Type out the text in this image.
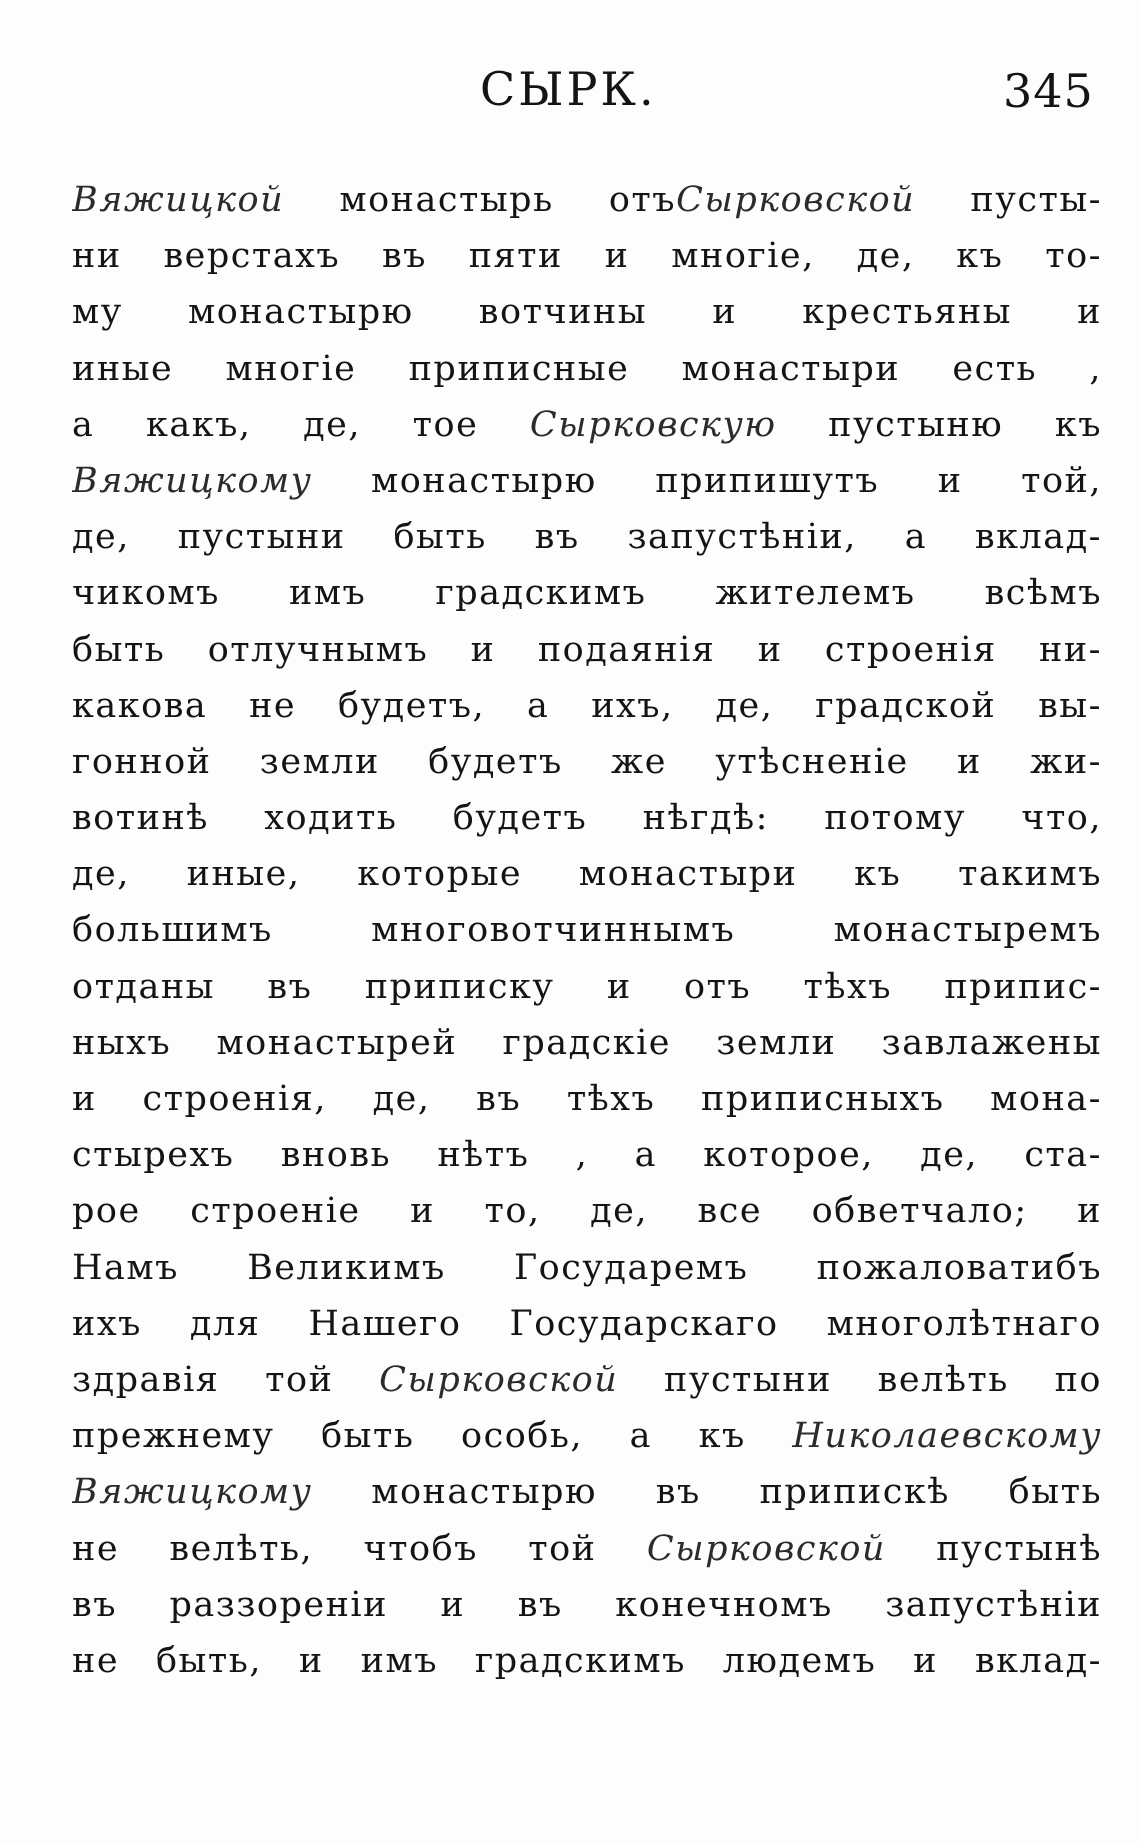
СЫРК.	345
Вяжицкой монастырь отъСырковской пусты-
ни верстахъ въ пяти и многіе, де, къ то-
му монастырю вотчины и крестьяны и
иные многіе приписные монастыри есть ,
а какъ, де, тое Сырковскую пустыню къ
Вяжицкому монастырю припишутъ и той,
де, пустыни быть въ запустѣніи, а вклад-
чикомъ имъ градскимъ жителемъ всѣмъ
быть отлучнымъ и подаянія и строенія ни-
какова не будетъ, а ихъ, де, градской вы-
гонной земли будетъ же утѣсненіе и жи-
вотинѣ ходить будетъ нѣгдѣ: потому что,
де, иные, которые монастыри къ такимъ
большимъ многовотчиннымъ монастыремъ
отданы въ приписку и отъ тѣхъ припис-
ныхъ монастырей градскіе земли завлажены
и строенія, де, въ тѣхъ приписныхъ мона-
стырехъ вновь нѣтъ , а которое, де, ста-
рое строеніе и то, де, все обветчало; и
Намъ Великимъ Государемъ пожаловатибъ
ихъ для Нашего Государскаго многолѣтнаго
здравія той Сырковской пустыни велѣть по
прежнему быть особь, а къ Николаевскому
Вяжицкому монастырю въ припискѣ быть
не велѣть, чтобъ той Сырковской пустынѣ
въ раззореніи и въ конечномъ запустѣніи
не быть, и имъ градскимъ людемъ и вклад-
